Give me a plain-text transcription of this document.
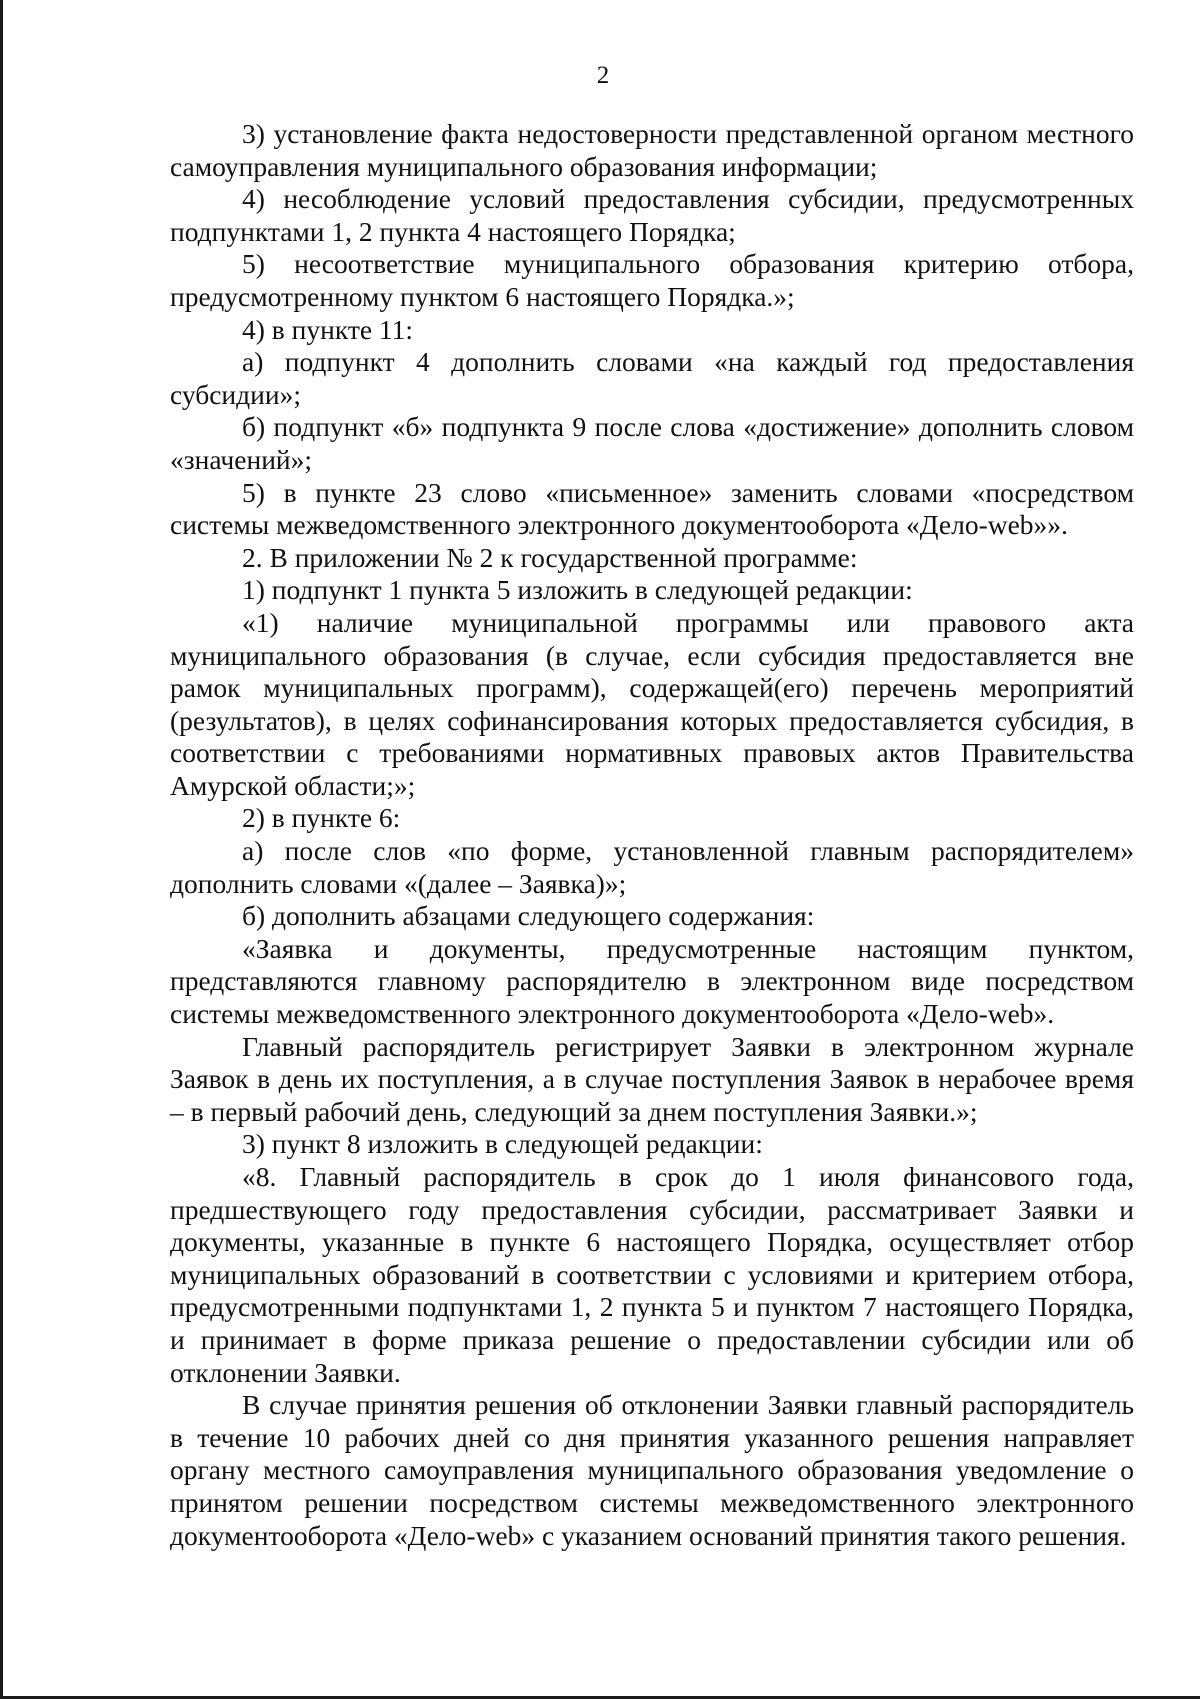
2

3) установление факта недостоверности представленной органом местного самоуправления муниципального образования информации;

4) несоблюдение условий предоставления субсидии, предусмотренных подпунктами 1, 2 пункта 4 настоящего Порядка;

5) несоответствие муниципального образования критерию отбора, предусмотренному пунктом 6 настоящего Порядка.»;

4) в пункте 11:

а) подпункт 4 дополнить словами «на каждый год предоставления субсидии»;

б) подпункт «б» подпункта 9 после слова «достижение» дополнить словом «значений»;

5) в пункте 23 слово «письменное» заменить словами «посредством системы межведомственного электронного документооборота «Дело-web»».

2. В приложении № 2 к государственной программе:

1) подпункт 1 пункта 5 изложить в следующей редакции:

«1) наличие муниципальной программы или правового акта муниципального образования (в случае, если субсидия предоставляется вне рамок муниципальных программ), содержащей(его) перечень мероприятий (результатов), в целях софинансирования которых предоставляется субсидия, в соответствии с требованиями нормативных правовых актов Правительства Амурской области;»;

2) в пункте 6:

а) после слов «по форме, установленной главным распорядителем» дополнить словами «(далее – Заявка)»;

б) дополнить абзацами следующего содержания:

«Заявка и документы, предусмотренные настоящим пунктом, представляются главному распорядителю в электронном виде посредством системы межведомственного электронного документооборота «Дело-web».

Главный распорядитель регистрирует Заявки в электронном журнале Заявок в день их поступления, а в случае поступления Заявок в нерабочее время – в первый рабочий день, следующий за днем поступления Заявки.»;

3) пункт 8 изложить в следующей редакции:

«8. Главный распорядитель в срок до 1 июля финансового года, предшествующего году предоставления субсидии, рассматривает Заявки и документы, указанные в пункте 6 настоящего Порядка, осуществляет отбор муниципальных образований в соответствии с условиями и критерием отбора, предусмотренными подпунктами 1, 2 пункта 5 и пунктом 7 настоящего Порядка, и принимает в форме приказа решение о предоставлении субсидии или об отклонении Заявки.

В случае принятия решения об отклонении Заявки главный распорядитель в течение 10 рабочих дней со дня принятия указанного решения направляет органу местного самоуправления муниципального образования уведомление о принятом решении посредством системы межведомственного электронного документооборота «Дело-web» с указанием оснований принятия такого решения.
